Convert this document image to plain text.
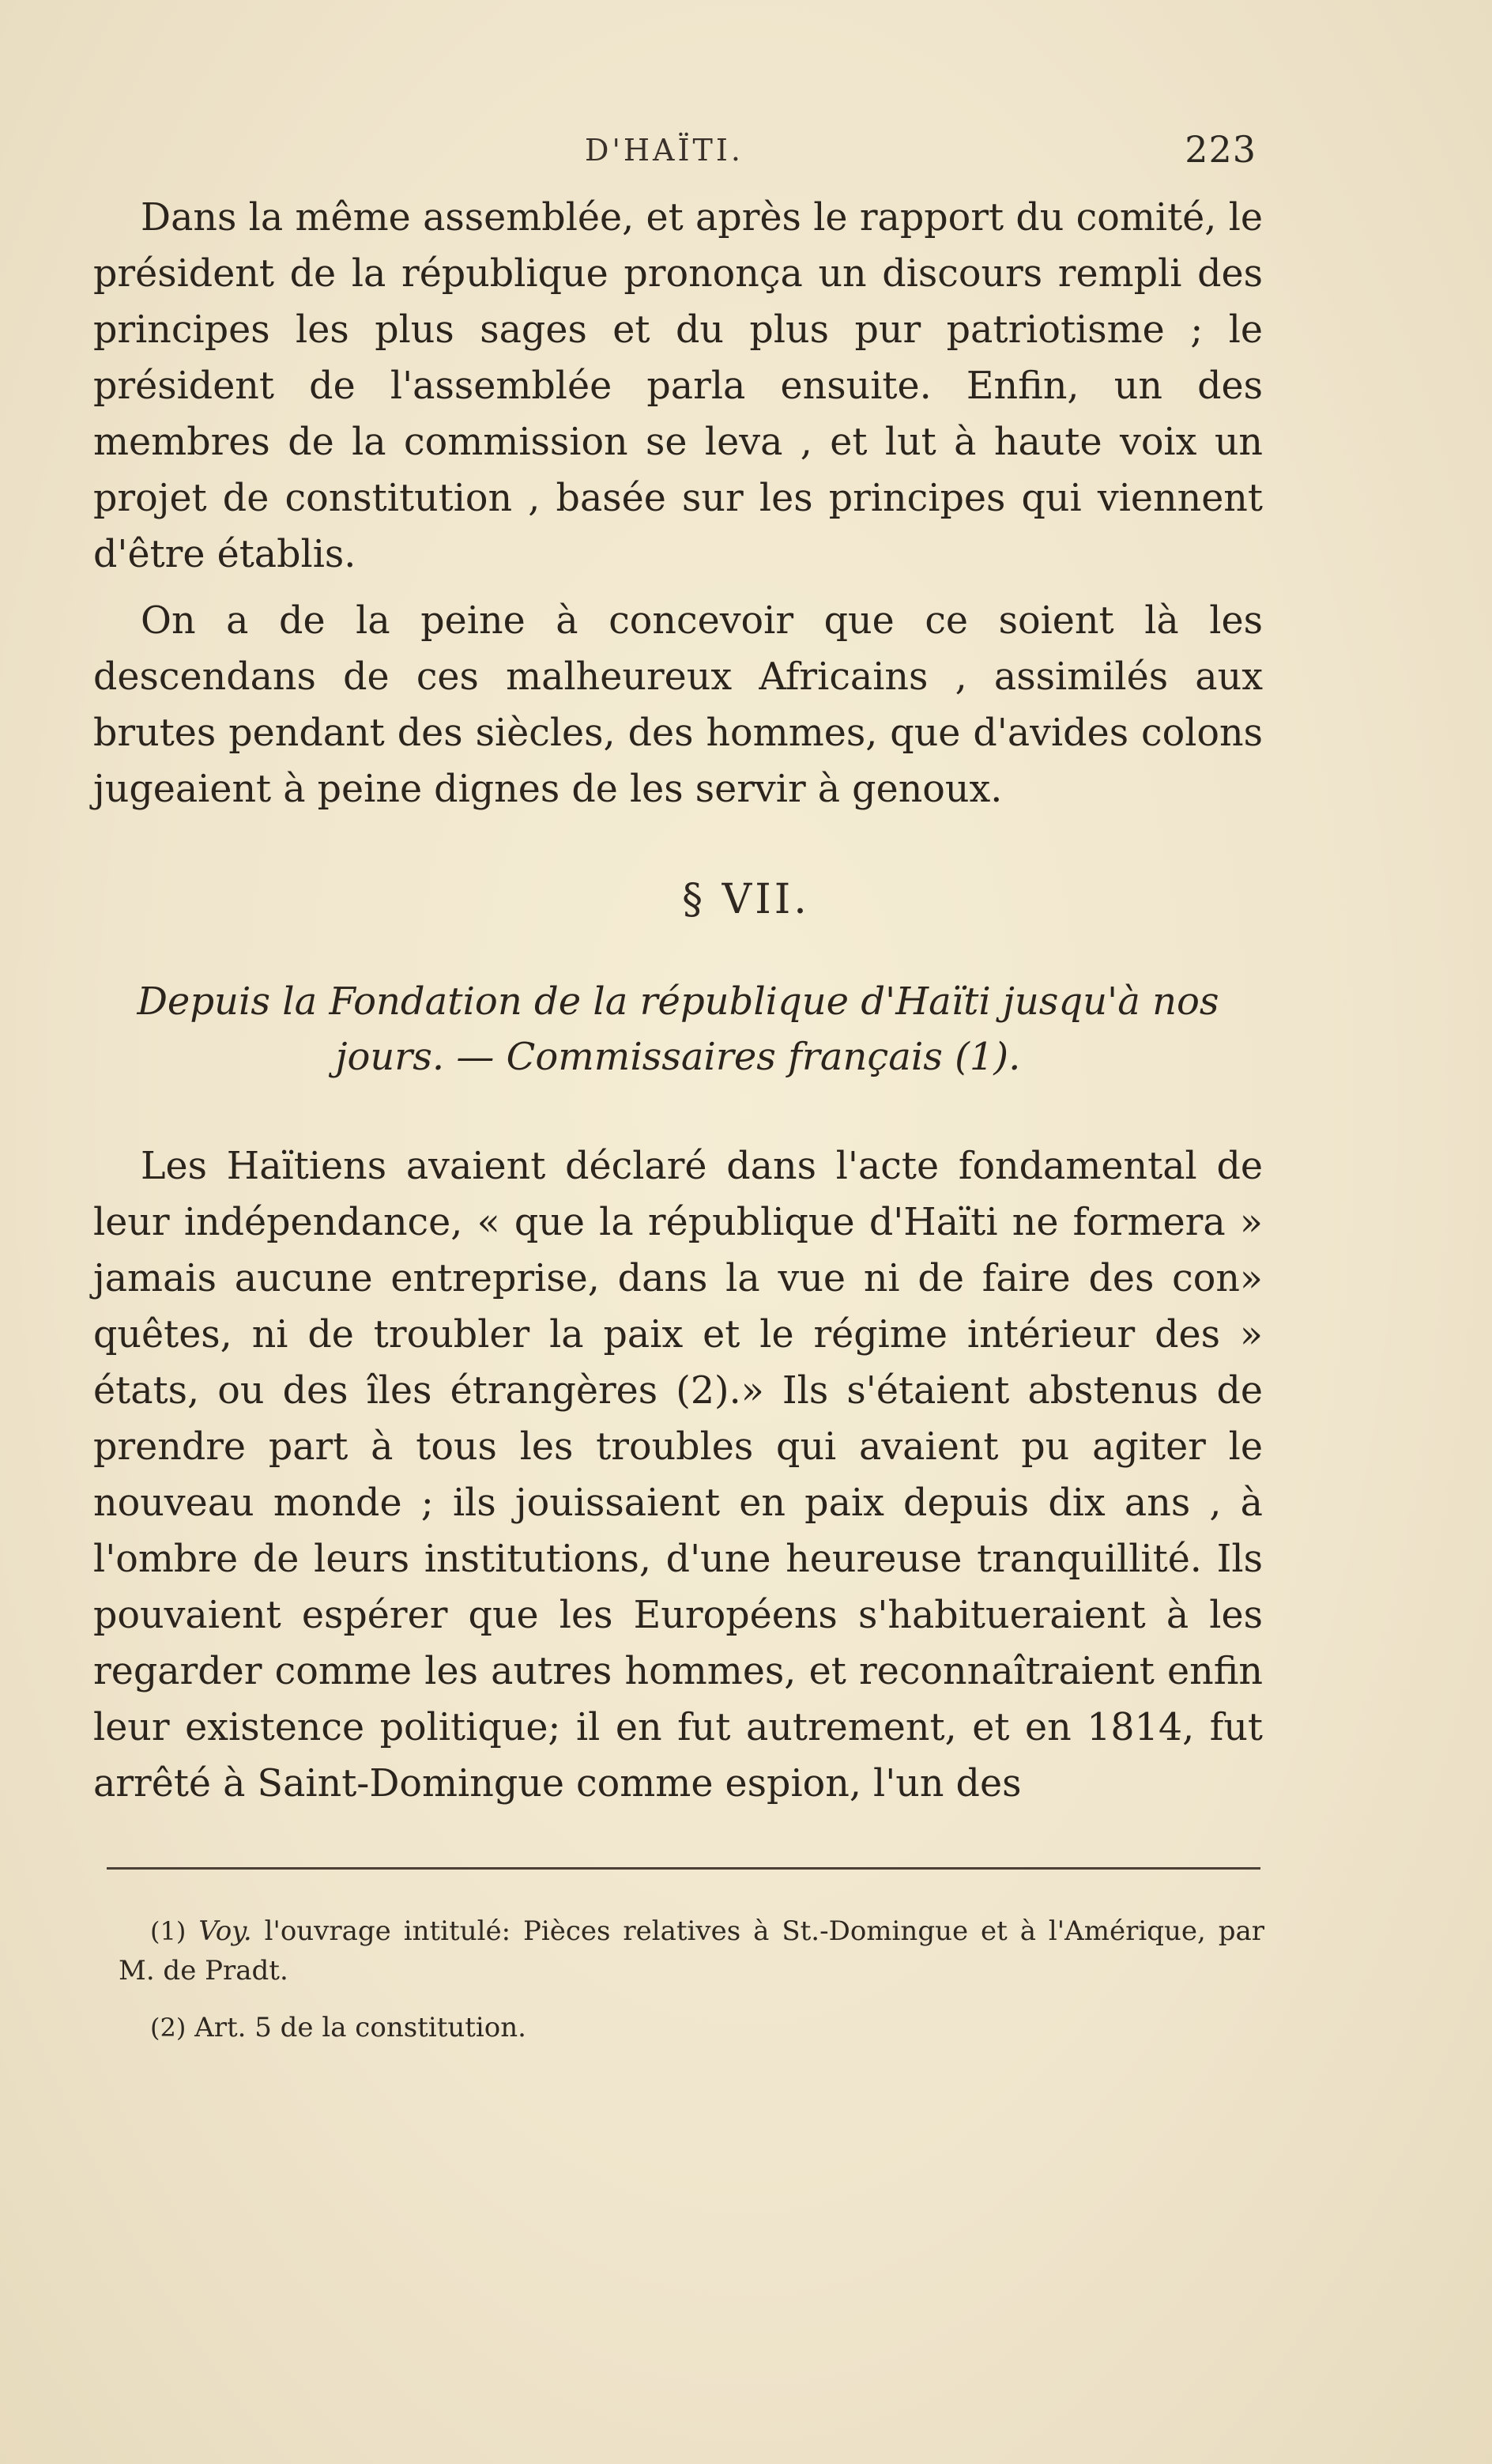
D'HAÏTI.	223

Dans la même assemblée, et après le rapport du comité, le président de la république prononça un discours rempli des principes les plus sages et du plus pur patriotisme ; le président de l'assemblée parla ensuite. Enfin, un des membres de la commission se leva , et lut à haute voix un projet de constitution , basée sur les principes qui viennent d'être établis.

On a de la peine à concevoir que ce soient là les descendans de ces malheureux Africains , assimilés aux brutes pendant des siècles, des hommes, que d'avides colons jugeaient à peine dignes de les servir à genoux.

§ VII.
Depuis la Fondation de la république d'Haïti jusqu'à nos jours. — Commissaires français (1).

Les Haïtiens avaient déclaré dans l'acte fondamental de leur indépendance, « que la république d'Haïti ne formera » jamais aucune entreprise, dans la vue ni de faire des con» quêtes, ni de troubler la paix et le régime intérieur des » états, ou des îles étrangères (2).» Ils s'étaient abstenus de prendre part à tous les troubles qui avaient pu agiter le nouveau monde ; ils jouissaient en paix depuis dix ans , à l'ombre de leurs institutions, d'une heureuse tranquillité. Ils pouvaient espérer que les Européens s'habitueraient à les regarder comme les autres hommes, et reconnaîtraient enfin leur existence politique; il en fut autrement, et en 1814, fut arrêté à Saint-Domingue comme espion, l'un des

(1) Voy. l'ouvrage intitulé: Pièces relatives à St.-Domingue et à l'Amérique, par M. de Pradt.

(2) Art. 5 de la constitution.
